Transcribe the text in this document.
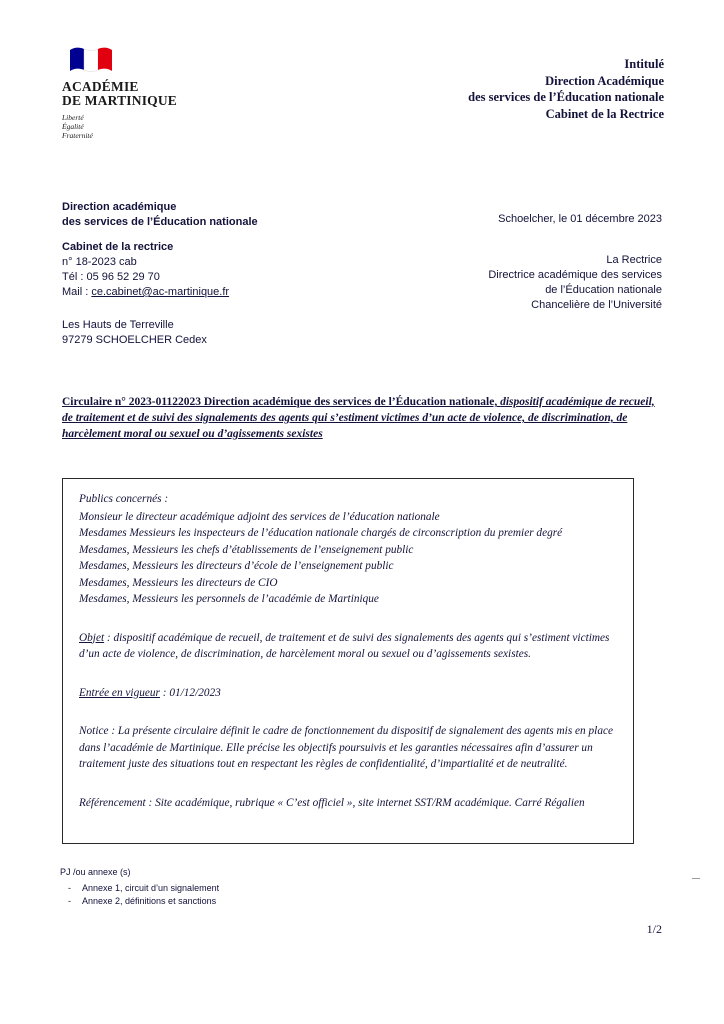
ACADÉMIE
DE MARTINIQUE
Liberté
Égalité
Fraternité
Intitulé
Direction Académique
des services de l’Éducation nationale
Cabinet de la Rectrice
Direction académique
des services de l’Éducation nationale
Cabinet de la rectrice
n° 18-2023 cab
Tél : 05 96 52 29 70
Mail : ce.cabinet@ac-martinique.fr
Les Hauts de Terreville
97279 SCHOELCHER Cedex
Schoelcher, le 01 décembre 2023
La Rectrice
Directrice académique des services
de l’Éducation nationale
Chancelière de l’Université
Circulaire n° 2023-01122023 Direction académique des services de l’Éducation nationale, dispositif académique de recueil, de traitement et de suivi des signalements des agents qui s’estiment victimes d’un acte de violence, de discrimination, de harcèlement moral ou sexuel ou d’agissements sexistes
Publics concernés :
Monsieur le directeur académique adjoint des services de l’éducation nationale
Mesdames Messieurs les inspecteurs de l’éducation nationale chargés de circonscription du premier degré
Mesdames, Messieurs les chefs d’établissements de l’enseignement public
Mesdames, Messieurs les directeurs d’école de l’enseignement public
Mesdames, Messieurs les directeurs de CIO
Mesdames, Messieurs les personnels de l’académie de Martinique
Objet : dispositif académique de recueil, de traitement et de suivi des signalements des agents qui s’estiment victimes d’un acte de violence, de discrimination, de harcèlement moral ou sexuel ou d’agissements sexistes.
Entrée en vigueur : 01/12/2023
Notice : La présente circulaire définit le cadre de fonctionnement du dispositif de signalement des agents mis en place dans l’académie de Martinique. Elle précise les objectifs poursuivis et les garanties nécessaires afin d’assurer un traitement juste des situations tout en respectant les règles de confidentialité, d’impartialité et de neutralité.
Référencement : Site académique, rubrique « C’est officiel », site internet SST/RM académique. Carré Régalien
PJ /ou annexe (s)
- Annexe 1, circuit d’un signalement
- Annexe 2, définitions et sanctions
1/2
